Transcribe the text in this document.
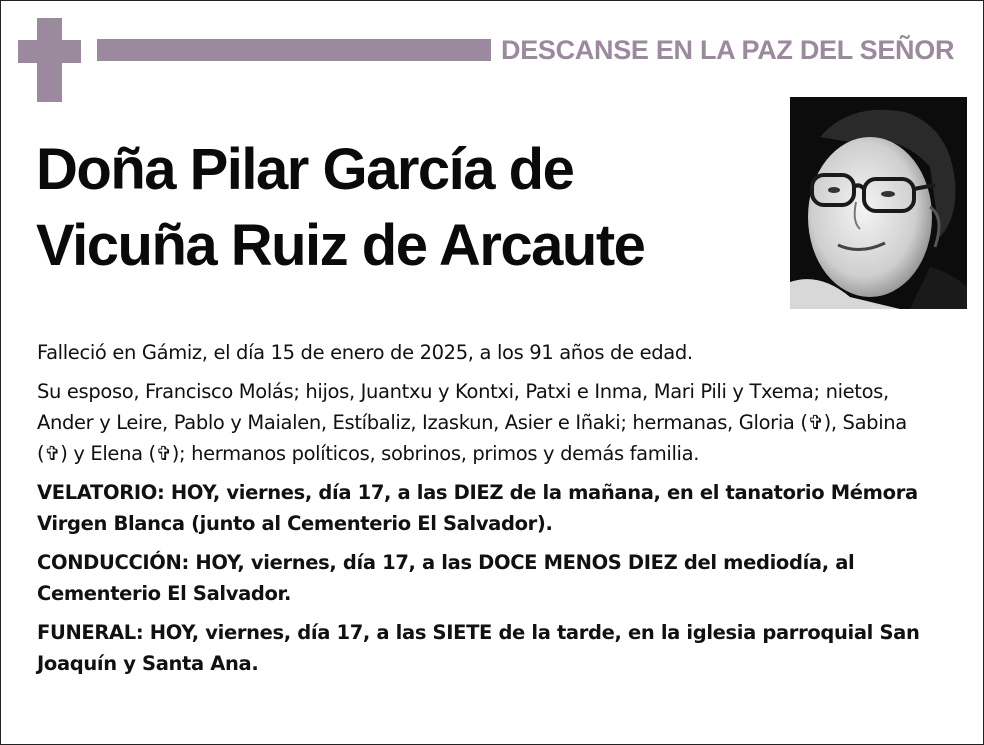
DESCANSE EN LA PAZ DEL SEÑOR
Doña Pilar García de
Vicuña Ruiz de Arcaute

Falleció en Gámiz, el día 15 de enero de 2025, a los 91 años de edad.

Su esposo, Francisco Molás; hijos, Juantxu y Kontxi, Patxi e Inma, Mari Pili y Txema; nietos, Ander y Leire, Pablo y Maialen, Estíbaliz, Izaskun, Asier e Iñaki; hermanas, Gloria (✞), Sabina (✞) y Elena (✞); hermanos políticos, sobrinos, primos y demás familia.

VELATORIO: HOY, viernes, día 17, a las DIEZ de la mañana, en el tanatorio Mémora Virgen Blanca (junto al Cementerio El Salvador).

CONDUCCIÓN: HOY, viernes, día 17, a las DOCE MENOS DIEZ del mediodía, al Cementerio El Salvador.

FUNERAL: HOY, viernes, día 17, a las SIETE de la tarde, en la iglesia parroquial San Joaquín y Santa Ana.
